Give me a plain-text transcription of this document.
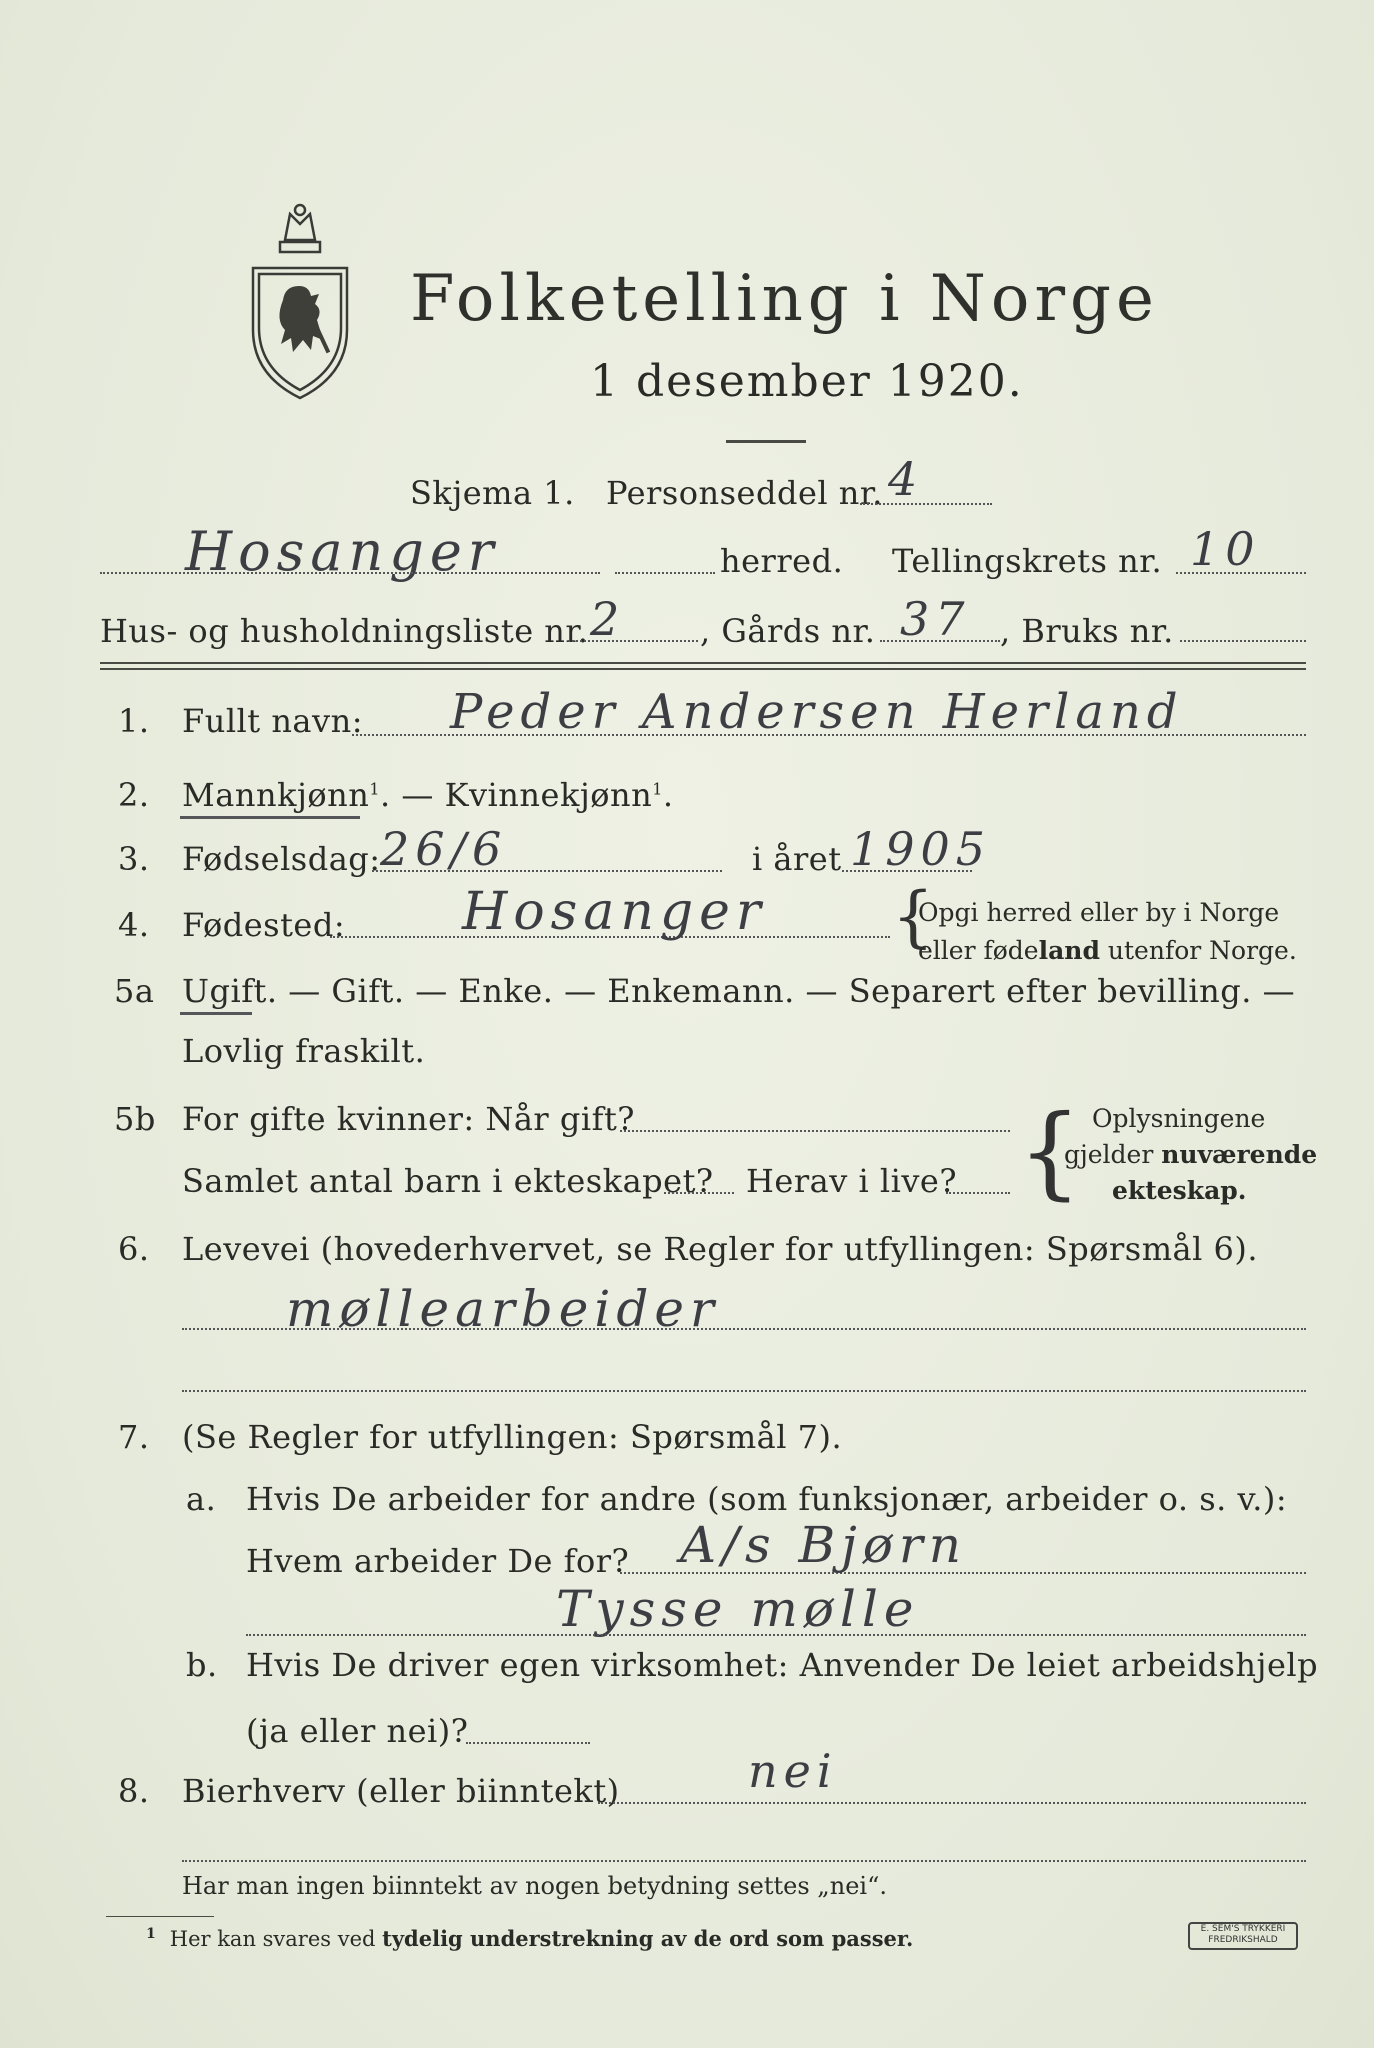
Folketelling i Norge
1 desember 1920.
Skjema 1. Personseddel nr. 4
Hosanger	herred. Tellingskrets nr. 10
Hus- og husholdningsliste nr. 2 , Gårds nr. 37 , Bruks nr.
1. Fullt navn: Peder Andersen Herland
2. Mannkjønn$^1$. — Kvinnekjønn$^1$.
3. Fødselsdag: 26/6	i året 1905
4. Fødested: Hosanger {
Opgi herred eller by i Norge
eller fødeland utenfor Norge.
5a Ugift. — Gift. — Enke. — Enkemann. — Separert efter bevilling. —
Lovlig fraskilt.
5b For gifte kvinner: Når gift?
Samlet antal barn i ekteskapet? Herav i live? { Oplysningene
gjelder nuværende
ekteskap.
6. Levevei (hovederhvervet, se Regler for utfyllingen: Spørsmål 6).
møllearbeider
7. (Se Regler for utfyllingen: Spørsmål 7).
a. Hvis De arbeider for andre (som funksjonær, arbeider o. s. v.):
Hvem arbeider De for? A/s Bjørn
Tysse mølle
b. Hvis De driver egen virksomhet: Anvender De leiet arbeidshjelp
(ja eller nei)?
8. Bierhverv (eller biinntekt)	nei
Har man ingen biinntekt av nogen betydning settes „nei“.
$^1$ Her kan svares ved tydelig understrekning av de ord som passer.	E. SEM'S TRYKKERI
FREDRIKSHALD
